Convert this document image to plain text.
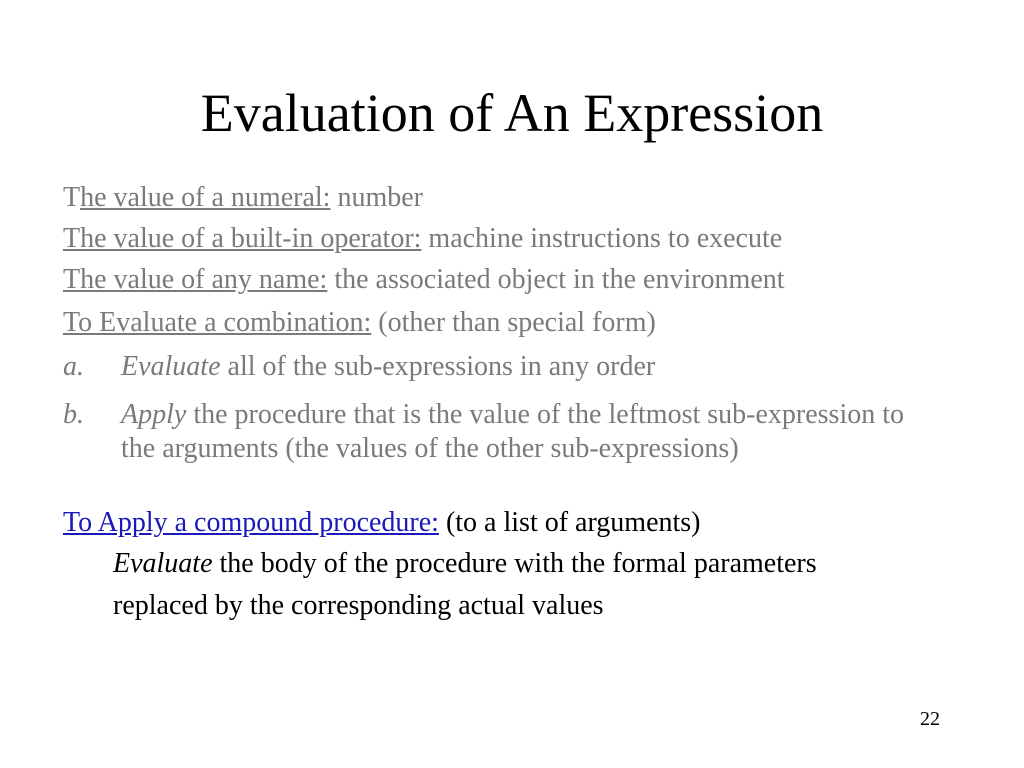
Evaluation of An Expression
The value of a numeral: number
The value of a built-in operator: machine instructions to execute
The value of any name: the associated object in the environment
To Evaluate a combination: (other than special form)
a. Evaluate all of the sub-expressions in any order
b. Apply the procedure that is the value of the leftmost sub-expression to the arguments (the values of the other sub-expressions)
To Apply a compound procedure: (to a list of arguments)
Evaluate the body of the procedure with the formal parameters
replaced by the corresponding actual values
22
